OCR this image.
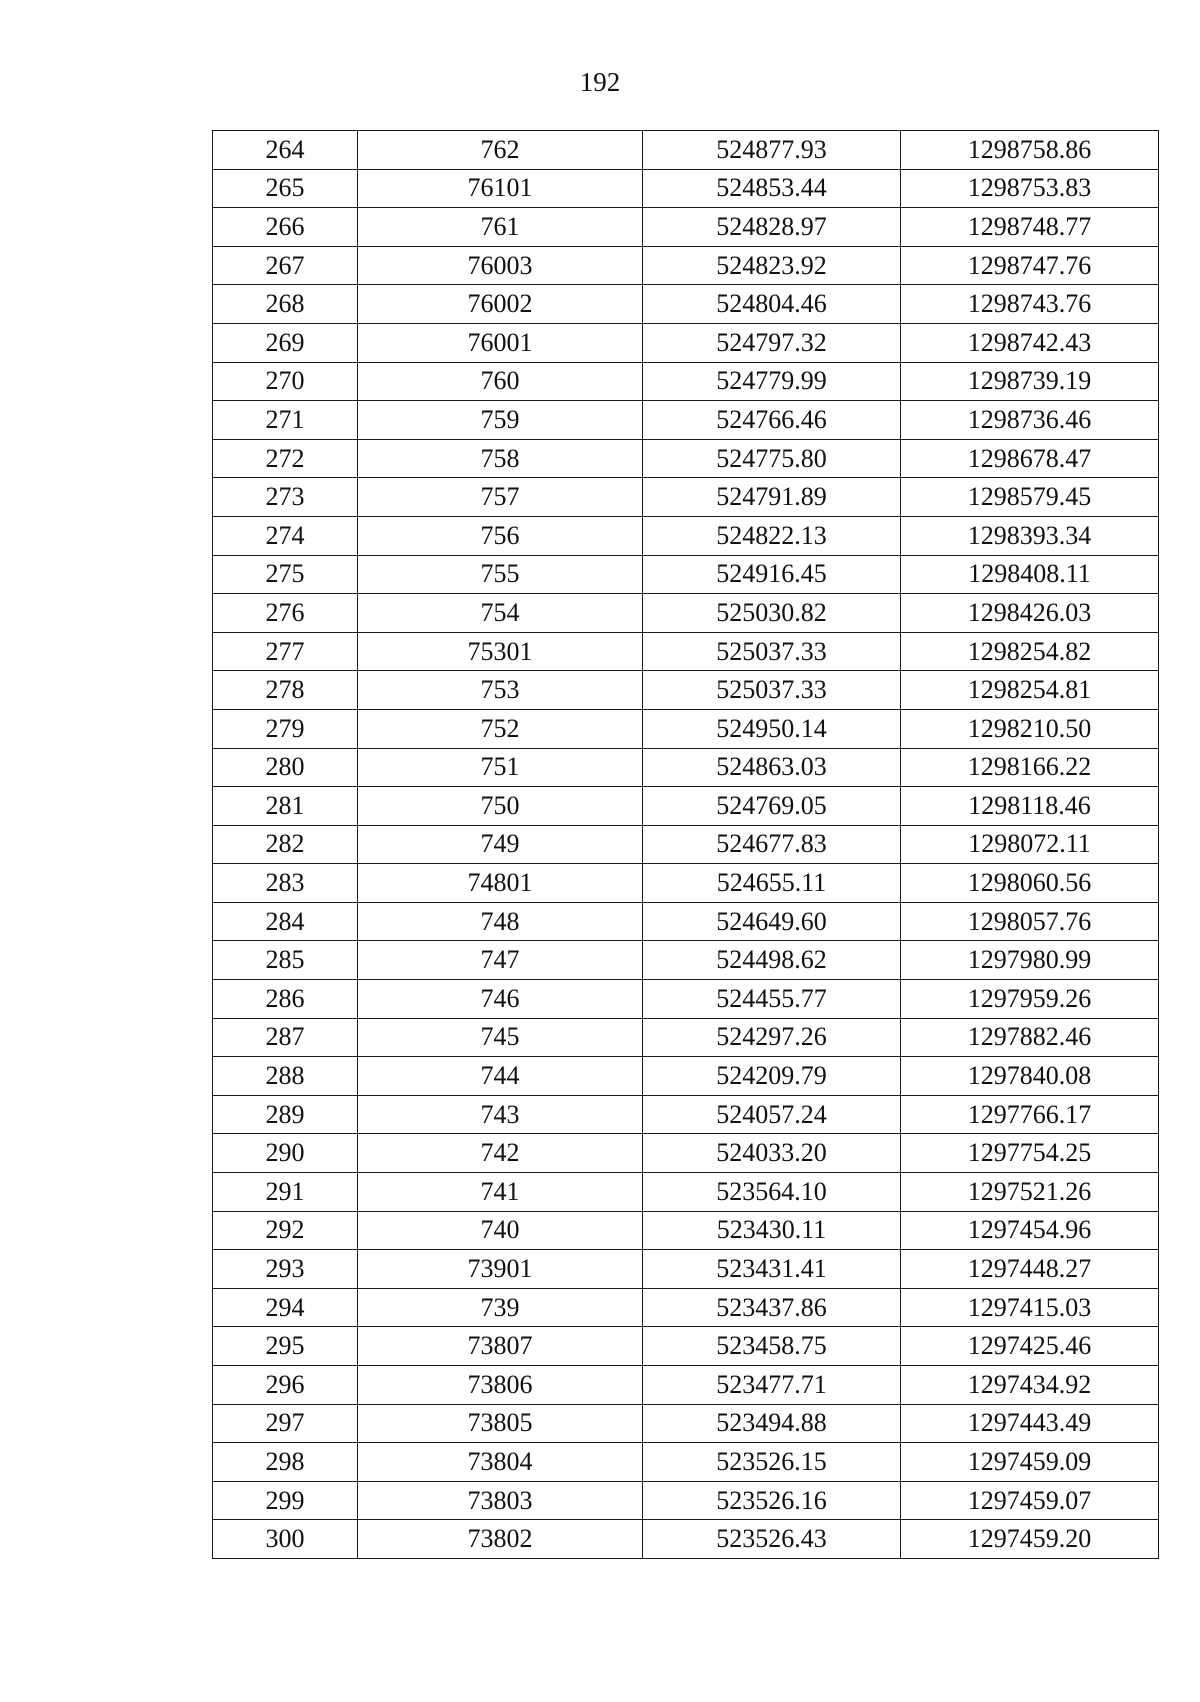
192
264	762	524877.93	1298758.86
265	76101	524853.44	1298753.83
266	761	524828.97	1298748.77
267	76003	524823.92	1298747.76
268	76002	524804.46	1298743.76
269	76001	524797.32	1298742.43
270	760	524779.99	1298739.19
271	759	524766.46	1298736.46
272	758	524775.80	1298678.47
273	757	524791.89	1298579.45
274	756	524822.13	1298393.34
275	755	524916.45	1298408.11
276	754	525030.82	1298426.03
277	75301	525037.33	1298254.82
278	753	525037.33	1298254.81
279	752	524950.14	1298210.50
280	751	524863.03	1298166.22
281	750	524769.05	1298118.46
282	749	524677.83	1298072.11
283	74801	524655.11	1298060.56
284	748	524649.60	1298057.76
285	747	524498.62	1297980.99
286	746	524455.77	1297959.26
287	745	524297.26	1297882.46
288	744	524209.79	1297840.08
289	743	524057.24	1297766.17
290	742	524033.20	1297754.25
291	741	523564.10	1297521.26
292	740	523430.11	1297454.96
293	73901	523431.41	1297448.27
294	739	523437.86	1297415.03
295	73807	523458.75	1297425.46
296	73806	523477.71	1297434.92
297	73805	523494.88	1297443.49
298	73804	523526.15	1297459.09
299	73803	523526.16	1297459.07
300	73802	523526.43	1297459.20
